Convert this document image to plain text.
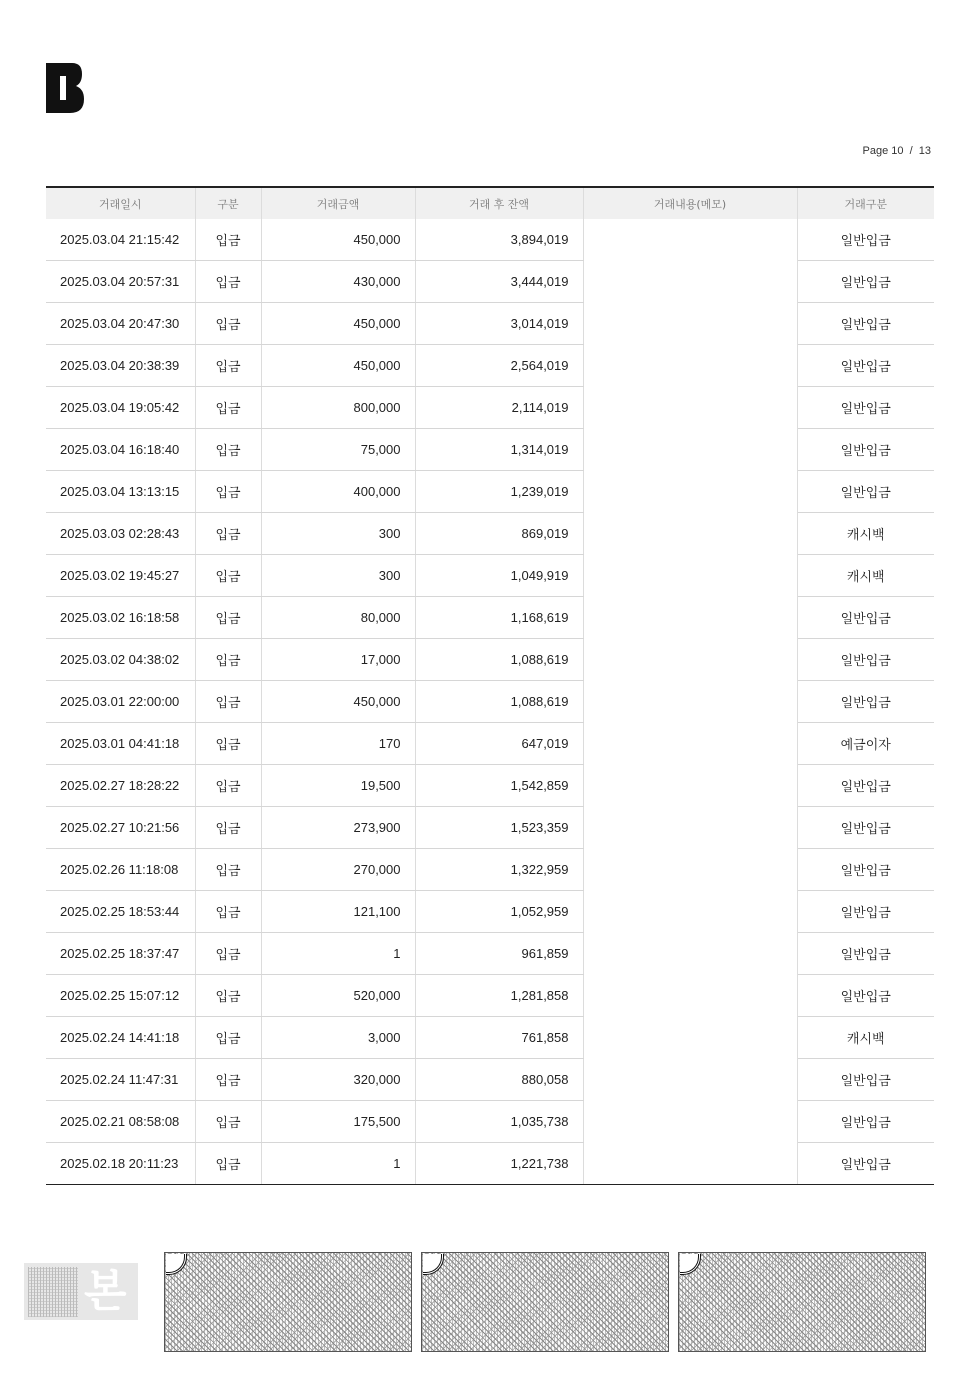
Page 10  /  13
거래일시	구분	거래금액	거래 후 잔액	거래내용(메모)	거래구분
2025.03.04 21:15:42	입금	450,000	3,894,019		일반입금
2025.03.04 20:57:31	입금	430,000	3,444,019		일반입금
2025.03.04 20:47:30	입금	450,000	3,014,019		일반입금
2025.03.04 20:38:39	입금	450,000	2,564,019		일반입금
2025.03.04 19:05:42	입금	800,000	2,114,019		일반입금
2025.03.04 16:18:40	입금	75,000	1,314,019		일반입금
2025.03.04 13:13:15	입금	400,000	1,239,019		일반입금
2025.03.03 02:28:43	입금	300	869,019		캐시백
2025.03.02 19:45:27	입금	300	1,049,919		캐시백
2025.03.02 16:18:58	입금	80,000	1,168,619		일반입금
2025.03.02 04:38:02	입금	17,000	1,088,619		일반입금
2025.03.01 22:00:00	입금	450,000	1,088,619		일반입금
2025.03.01 04:41:18	입금	170	647,019		예금이자
2025.02.27 18:28:22	입금	19,500	1,542,859		일반입금
2025.02.27 10:21:56	입금	273,900	1,523,359		일반입금
2025.02.26 11:18:08	입금	270,000	1,322,959		일반입금
2025.02.25 18:53:44	입금	121,100	1,052,959		일반입금
2025.02.25 18:37:47	입금	1	961,859		일반입금
2025.02.25 15:07:12	입금	520,000	1,281,858		일반입금
2025.02.24 14:41:18	입금	3,000	761,858		캐시백
2025.02.24 11:47:31	입금	320,000	880,058		일반입금
2025.02.21 08:58:08	입금	175,500	1,035,738		일반입금
2025.02.18 20:11:23	입금	1	1,221,738		일반입금
본
